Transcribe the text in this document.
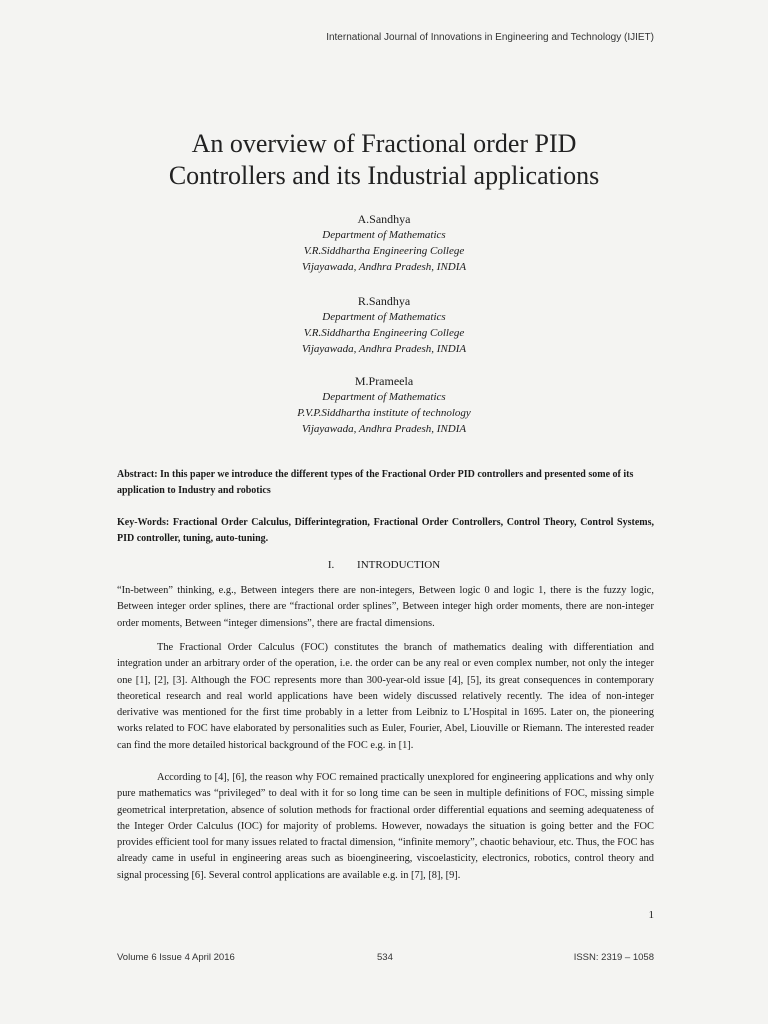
International Journal of Innovations in Engineering and Technology (IJIET)
An overview of Fractional order PID
Controllers and its Industrial applications
A.Sandhya
Department of Mathematics
V.R.Siddhartha Engineering College
Vijayawada, Andhra Pradesh, INDIA
R.Sandhya
Department of Mathematics
V.R.Siddhartha Engineering College
Vijayawada, Andhra Pradesh, INDIA
M.Prameela
Department of Mathematics
P.V.P.Siddhartha institute of technology
Vijayawada, Andhra Pradesh, INDIA
Abstract: In this paper we introduce the different types of the Fractional Order PID controllers and presented some of its application to Industry and robotics
Key-Words: Fractional Order Calculus, Differintegration, Fractional Order Controllers, Control Theory, Control Systems, PID controller, tuning, auto-tuning.
I. INTRODUCTION

“In-between” thinking, e.g., Between integers there are non-integers, Between logic 0 and logic 1, there is the fuzzy logic, Between integer order splines, there are “fractional order splines”, Between integer high order moments, there are non-integer order moments, Between “integer dimensions”, there are fractal dimensions.

The Fractional Order Calculus (FOC) constitutes the branch of mathematics dealing with differentiation and integration under an arbitrary order of the operation, i.e. the order can be any real or even complex number, not only the integer one [1], [2], [3]. Although the FOC represents more than 300-year-old issue [4], [5], its great consequences in contemporary theoretical research and real world applications have been widely discussed relatively recently. The idea of non-integer derivative was mentioned for the first time probably in a letter from Leibniz to L’Hospital in 1695. Later on, the pioneering works related to FOC have elaborated by personalities such as Euler, Fourier, Abel, Liouville or Riemann. The interested reader can find the more detailed historical background of the FOC e.g. in [1].

According to [4], [6], the reason why FOC remained practically unexplored for engineering applications and why only pure mathematics was “privileged” to deal with it for so long time can be seen in multiple definitions of FOC, missing simple geometrical interpretation, absence of solution methods for fractional order differential equations and seeming adequateness of the Integer Order Calculus (IOC) for majority of problems. However, nowadays the situation is going better and the FOC provides efficient tool for many issues related to fractal dimension, “infinite memory”, chaotic behaviour, etc. Thus, the FOC has already came in useful in engineering areas such as bioengineering, viscoelasticity, electronics, robotics, control theory and signal processing [6]. Several control applications are available e.g. in [7], [8], [9].

1
Volume 6 Issue 4 April 2016	534	ISSN: 2319 – 1058
